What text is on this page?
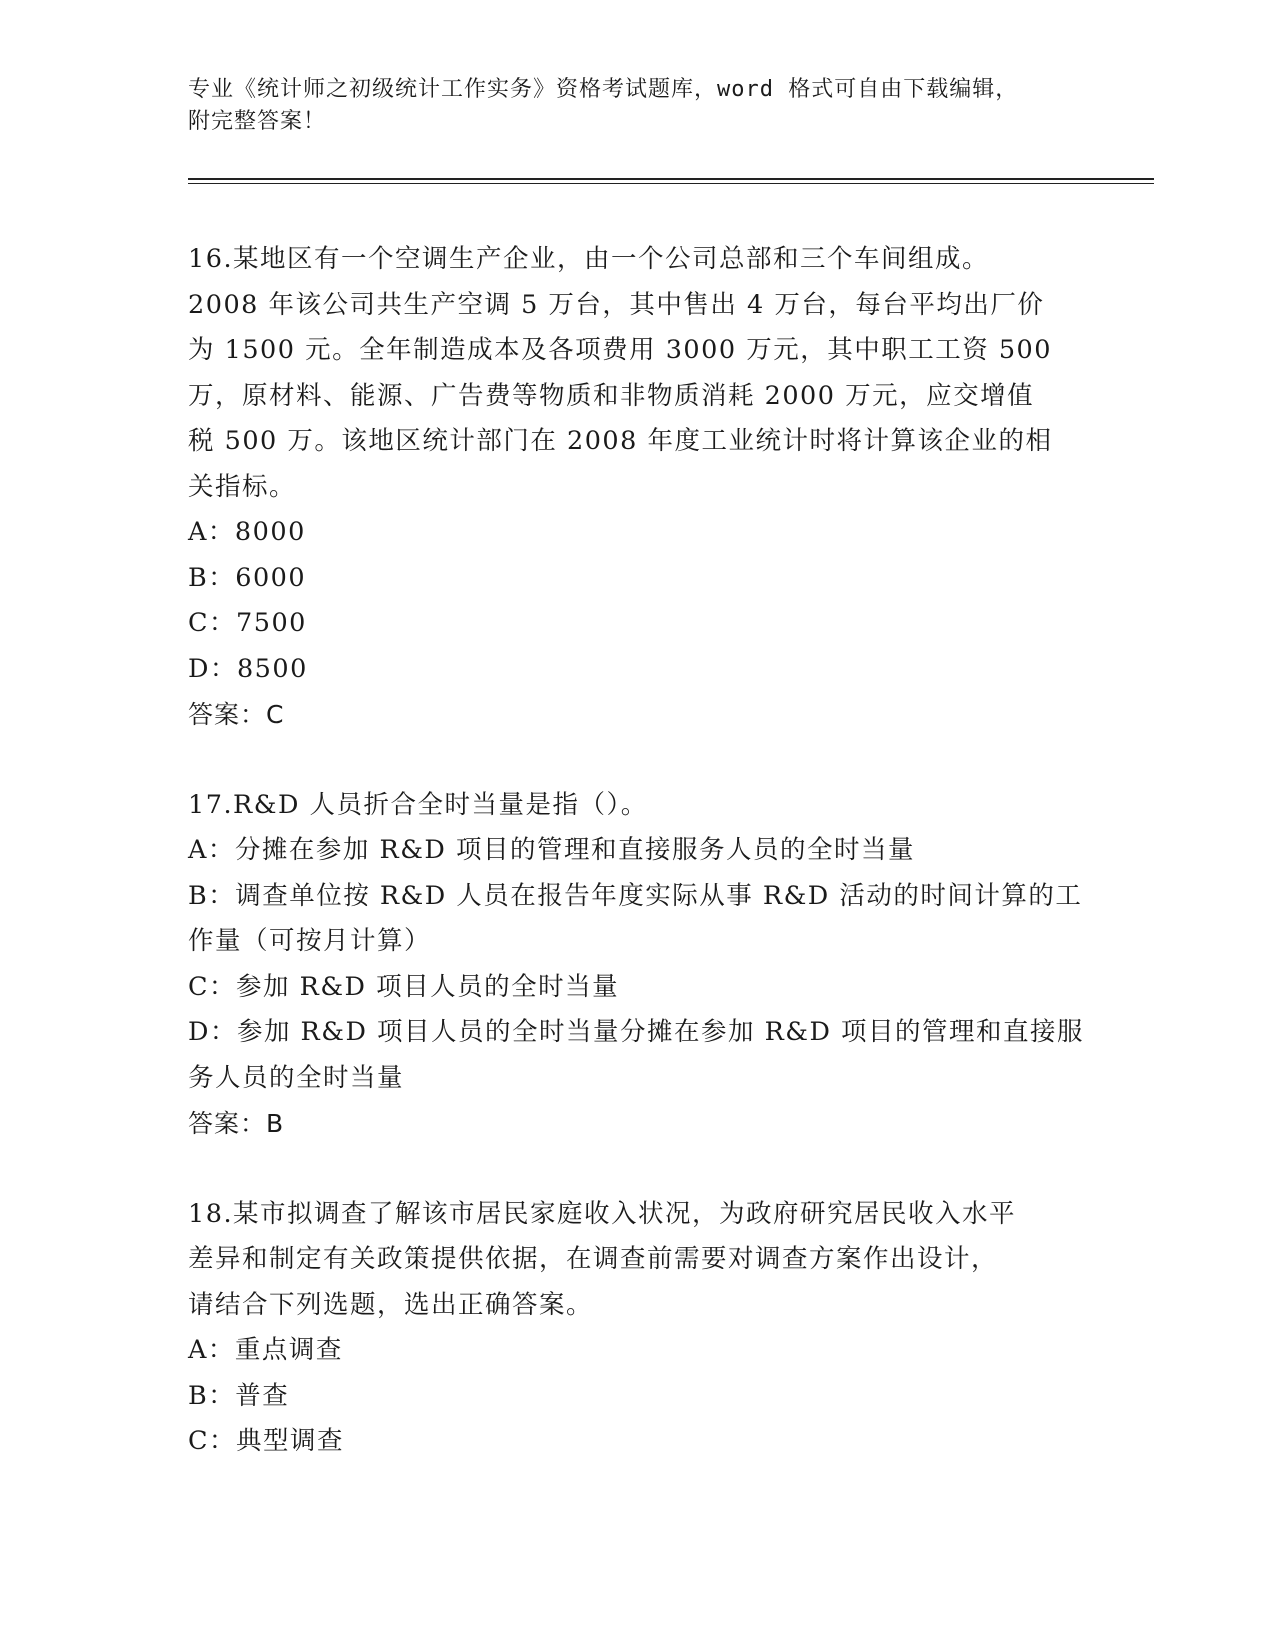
专业《统计师之初级统计工作实务》资格考试题库，word 格式可自由下载编辑，
附完整答案！
16.某地区有一个空调生产企业，由一个公司总部和三个车间组成。
2008 年该公司共生产空调 5 万台，其中售出 4 万台，每台平均出厂价
为 1500 元。全年制造成本及各项费用 3000 万元，其中职工工资 500
万，原材料、能源、广告费等物质和非物质消耗 2000 万元，应交增值
税 500 万。该地区统计部门在 2008 年度工业统计时将计算该企业的相
关指标。
A：8000
B：6000
C：7500
D：8500
答案：C
17.R&D 人员折合全时当量是指（）。
A：分摊在参加 R&D 项目的管理和直接服务人员的全时当量
B：调查单位按 R&D 人员在报告年度实际从事 R&D 活动的时间计算的工
作量（可按月计算）
C：参加 R&D 项目人员的全时当量
D：参加 R&D 项目人员的全时当量分摊在参加 R&D 项目的管理和直接服
务人员的全时当量
答案：B
18.某市拟调查了解该市居民家庭收入状况，为政府研究居民收入水平
差异和制定有关政策提供依据，在调查前需要对调查方案作出设计，
请结合下列选题，选出正确答案。
A：重点调查
B：普查
C：典型调查
